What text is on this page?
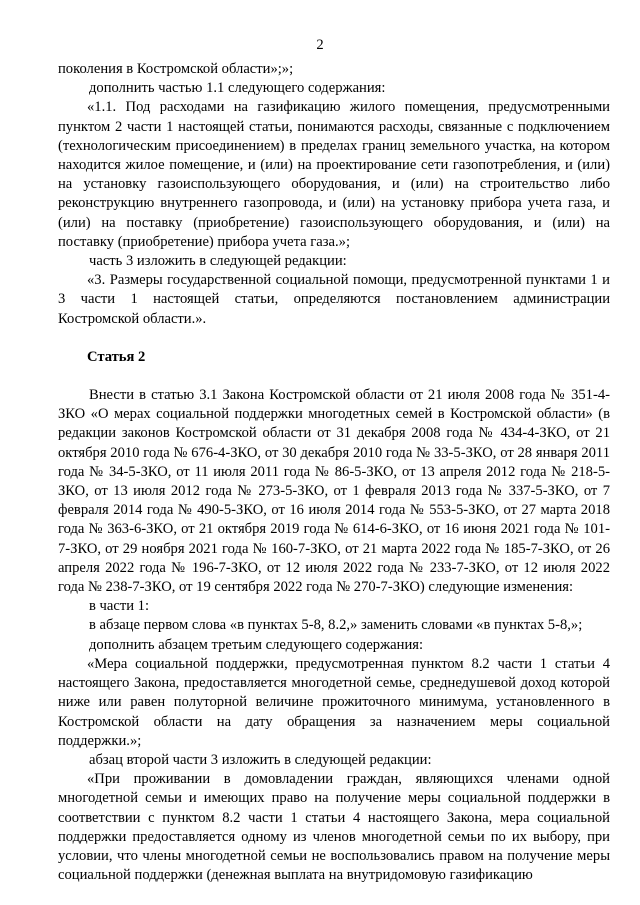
2

поколения в Костромской области»;»;

дополнить частью 1.1 следующего содержания:

«1.1. Под расходами на газификацию жилого помещения, предусмотренными пунктом 2 части 1 настоящей статьи, понимаются расходы, связанные с подключением (технологическим присоединением) в пределах границ земельного участка, на котором находится жилое помещение, и (или) на проектирование сети газопотребления, и (или) на установку газоиспользующего оборудования, и (или) на строительство либо реконструкцию внутреннего газопровода, и (или) на установку прибора учета газа, и (или) на поставку (приобретение) газоиспользующего оборудования, и (или) на поставку (приобретение) прибора учета газа.»;

часть 3 изложить в следующей редакции:

«3. Размеры государственной социальной помощи, предусмотренной пунктами 1 и 3 части 1 настоящей статьи, определяются постановлением администрации Костромской области.».

Статья 2

Внести в статью 3.1 Закона Костромской области от 21 июля 2008 года № 351-4-ЗКО «О мерах социальной поддержки многодетных семей в Костромской области» (в редакции законов Костромской области от 31 декабря 2008 года № 434-4-ЗКО, от 21 октября 2010 года № 676-4-ЗКО, от 30 декабря 2010 года № 33-5-ЗКО, от 28 января 2011 года № 34-5-ЗКО, от 11 июля 2011 года № 86-5-ЗКО, от 13 апреля 2012 года № 218-5-ЗКО, от 13 июля 2012 года № 273-5-ЗКО, от 1 февраля 2013 года № 337-5-ЗКО, от 7 февраля 2014 года № 490-5-ЗКО, от 16 июля 2014 года № 553-5-ЗКО, от 27 марта 2018 года № 363-6-ЗКО, от 21 октября 2019 года № 614-6-ЗКО, от 16 июня 2021 года № 101-7-ЗКО, от 29 ноября 2021 года № 160-7-ЗКО, от 21 марта 2022 года № 185-7-ЗКО, от 26 апреля 2022 года № 196-7-ЗКО, от 12 июля 2022 года № 233-7-ЗКО, от 12 июля 2022 года № 238-7-ЗКО, от 19 сентября 2022 года № 270-7-ЗКО) следующие изменения:

в части 1:

в абзаце первом слова «в пунктах 5-8, 8.2,» заменить словами «в пунктах 5-8,»;

дополнить абзацем третьим следующего содержания:

«Мера социальной поддержки, предусмотренная пунктом 8.2 части 1 статьи 4 настоящего Закона, предоставляется многодетной семье, среднедушевой доход которой ниже или равен полуторной величине прожиточного минимума, установленного в Костромской области на дату обращения за назначением меры социальной поддержки.»;

абзац второй части 3 изложить в следующей редакции:

«При проживании в домовладении граждан, являющихся членами одной многодетной семьи и имеющих право на получение меры социальной поддержки в соответствии с пунктом 8.2 части 1 статьи 4 настоящего Закона, мера социальной поддержки предоставляется одному из членов многодетной семьи по их выбору, при условии, что члены многодетной семьи не воспользовались правом на получение меры социальной поддержки (денежная выплата на внутридомовую газификацию
